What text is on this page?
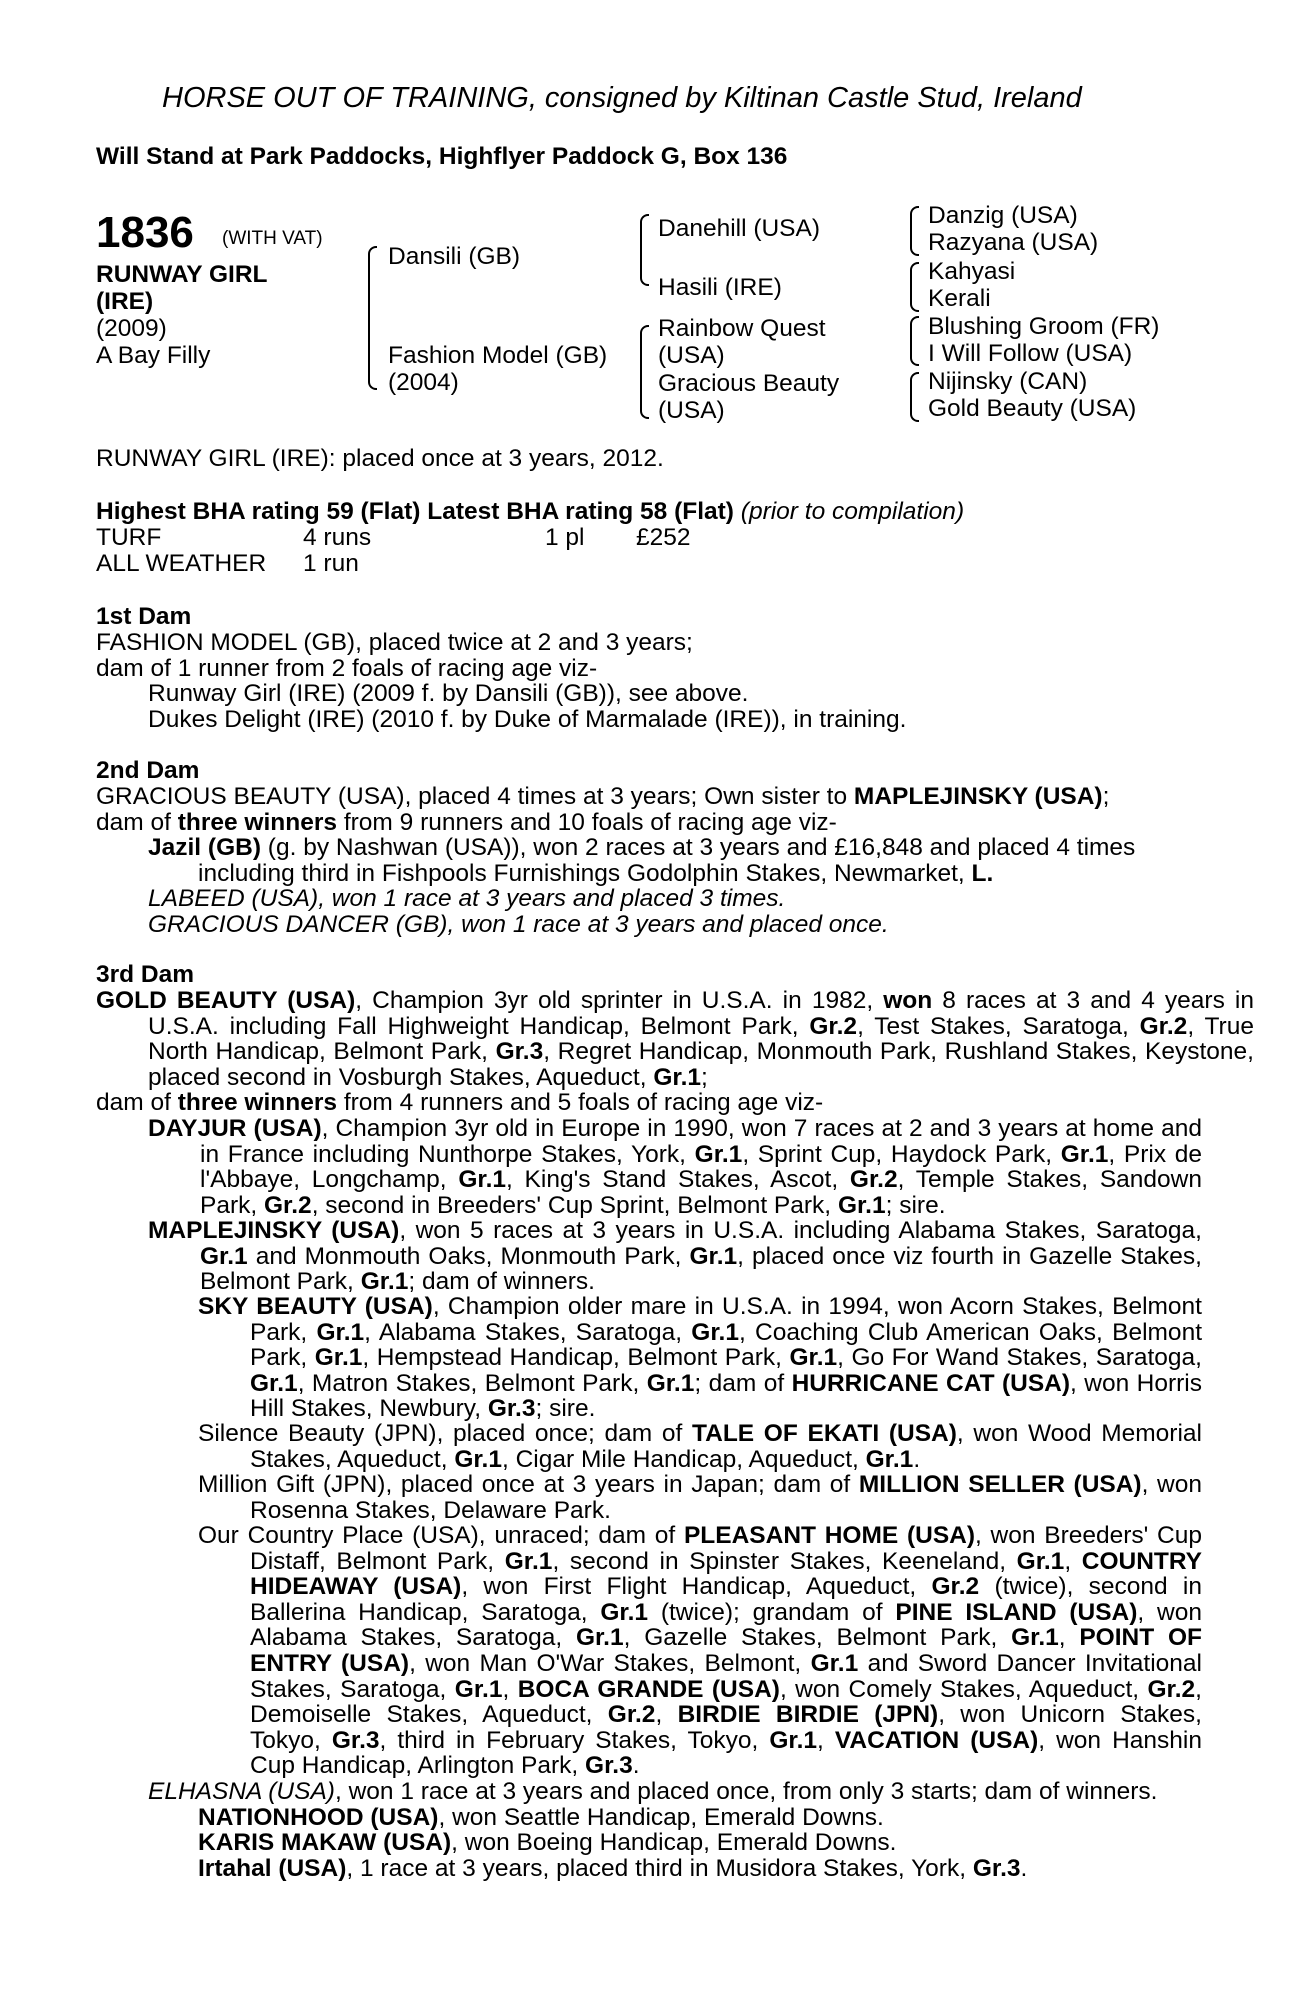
HORSE OUT OF TRAINING, consigned by Kiltinan Castle Stud, Ireland
Will Stand at Park Paddocks, Highflyer Paddock G, Box 136
1836 (WITH VAT)
RUNWAY GIRL
(IRE)
(2009)
A Bay Filly
Dansili (GB)
Fashion Model (GB)
(2004)
Danehill (USA)
Hasili (IRE)
Rainbow Quest
(USA)
Gracious Beauty
(USA)
Danzig (USA)
Razyana (USA)
Kahyasi
Kerali
Blushing Groom (FR)
I Will Follow (USA)
Nijinsky (CAN)
Gold Beauty (USA)
RUNWAY GIRL (IRE): placed once at 3 years, 2012.
Highest BHA rating 59 (Flat) Latest BHA rating 58 (Flat) (prior to compilation)
TURF	4 runs	1 pl £252
ALL WEATHER 1 run
1st Dam
FASHION MODEL (GB), placed twice at 2 and 3 years;
dam of 1 runner from 2 foals of racing age viz-
Runway Girl (IRE) (2009 f. by Dansili (GB)), see above.
Dukes Delight (IRE) (2010 f. by Duke of Marmalade (IRE)), in training.
2nd Dam
GRACIOUS BEAUTY (USA), placed 4 times at 3 years; Own sister to MAPLEJINSKY (USA);
dam of three winners from 9 runners and 10 foals of racing age viz-
Jazil (GB) (g. by Nashwan (USA)), won 2 races at 3 years and £16,848 and placed 4 times
including third in Fishpools Furnishings Godolphin Stakes, Newmarket, L.
LABEED (USA), won 1 race at 3 years and placed 3 times.
GRACIOUS DANCER (GB), won 1 race at 3 years and placed once.
3rd Dam
GOLD BEAUTY (USA), Champion 3yr old sprinter in U.S.A. in 1982, won 8 races at 3 and 4 years in U.S.A. including Fall Highweight Handicap, Belmont Park, Gr.2, Test Stakes, Saratoga, Gr.2, True North Handicap, Belmont Park, Gr.3, Regret Handicap, Monmouth Park, Rushland Stakes, Keystone, placed second in Vosburgh Stakes, Aqueduct, Gr.1;
dam of three winners from 4 runners and 5 foals of racing age viz-
DAYJUR (USA), Champion 3yr old in Europe in 1990, won 7 races at 2 and 3 years at home and in France including Nunthorpe Stakes, York, Gr.1, Sprint Cup, Haydock Park, Gr.1, Prix de l'Abbaye, Longchamp, Gr.1, King's Stand Stakes, Ascot, Gr.2, Temple Stakes, Sandown Park, Gr.2, second in Breeders' Cup Sprint, Belmont Park, Gr.1; sire.
MAPLEJINSKY (USA), won 5 races at 3 years in U.S.A. including Alabama Stakes, Saratoga, Gr.1 and Monmouth Oaks, Monmouth Park, Gr.1, placed once viz fourth in Gazelle Stakes, Belmont Park, Gr.1; dam of winners.
SKY BEAUTY (USA), Champion older mare in U.S.A. in 1994, won Acorn Stakes, Belmont Park, Gr.1, Alabama Stakes, Saratoga, Gr.1, Coaching Club American Oaks, Belmont Park, Gr.1, Hempstead Handicap, Belmont Park, Gr.1, Go For Wand Stakes, Saratoga, Gr.1, Matron Stakes, Belmont Park, Gr.1; dam of HURRICANE CAT (USA), won Horris Hill Stakes, Newbury, Gr.3; sire.
Silence Beauty (JPN), placed once; dam of TALE OF EKATI (USA), won Wood Memorial Stakes, Aqueduct, Gr.1, Cigar Mile Handicap, Aqueduct, Gr.1.
Million Gift (JPN), placed once at 3 years in Japan; dam of MILLION SELLER (USA), won Rosenna Stakes, Delaware Park.
Our Country Place (USA), unraced; dam of PLEASANT HOME (USA), won Breeders' Cup Distaff, Belmont Park, Gr.1, second in Spinster Stakes, Keeneland, Gr.1, COUNTRY HIDEAWAY (USA), won First Flight Handicap, Aqueduct, Gr.2 (twice), second in Ballerina Handicap, Saratoga, Gr.1 (twice); grandam of PINE ISLAND (USA), won Alabama Stakes, Saratoga, Gr.1, Gazelle Stakes, Belmont Park, Gr.1, POINT OF ENTRY (USA), won Man O'War Stakes, Belmont, Gr.1 and Sword Dancer Invitational Stakes, Saratoga, Gr.1, BOCA GRANDE (USA), won Comely Stakes, Aqueduct, Gr.2, Demoiselle Stakes, Aqueduct, Gr.2, BIRDIE BIRDIE (JPN), won Unicorn Stakes, Tokyo, Gr.3, third in February Stakes, Tokyo, Gr.1, VACATION (USA), won Hanshin Cup Handicap, Arlington Park, Gr.3.
ELHASNA (USA), won 1 race at 3 years and placed once, from only 3 starts; dam of winners.
NATIONHOOD (USA), won Seattle Handicap, Emerald Downs.
KARIS MAKAW (USA), won Boeing Handicap, Emerald Downs.
Irtahal (USA), 1 race at 3 years, placed third in Musidora Stakes, York, Gr.3.
